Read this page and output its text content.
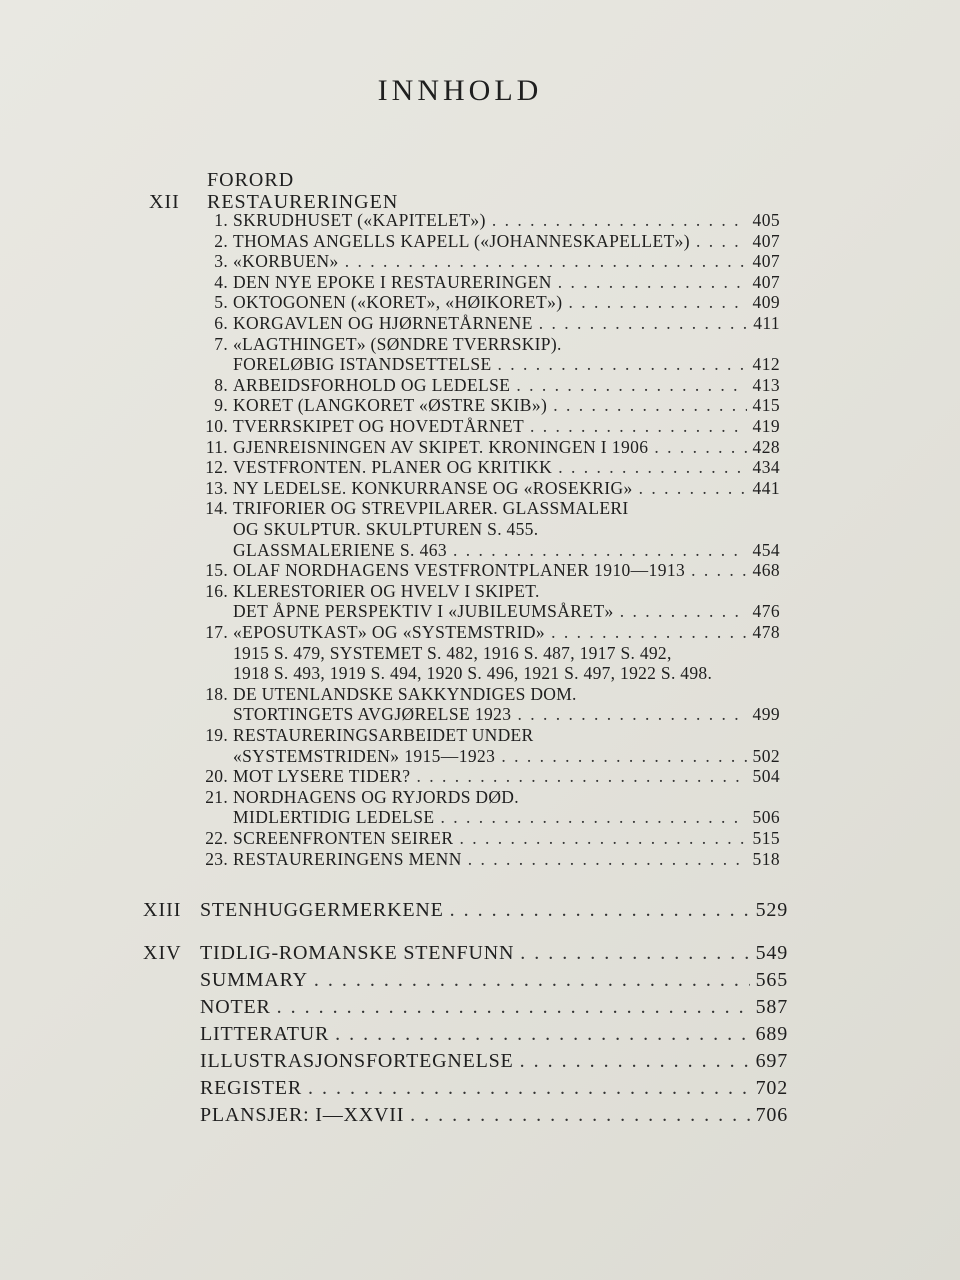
INNHOLD
FORORD
XII RESTAURERINGEN
1. SKRUDHUSET («KAPITELET») . . .	405
2. THOMAS ANGELLS KAPELL («JOHANNESKAPELLET») . . .	407
3. «KORBUEN» . . .	407
4. DEN NYE EPOKE I RESTAURERINGEN . . .	407
5. OKTOGONEN («KORET», «HØIKORET») . . .	409
6. KORGAVLEN OG HJØRNETÅRNENE . . .	411
7. «LAGTHINGET» (SØNDRE TVERRSKIP).
FORELØBIG ISTANDSETTELSE . . .	412
8. ARBEIDSFORHOLD OG LEDELSE . . .	413
9. KORET (LANGKORET «ØSTRE SKIB») . . .	415
10. TVERRSKIPET OG HOVEDTÅRNET . . .	419
11. GJENREISNINGEN AV SKIPET. KRONINGEN I 1906 . . .	428
12. VESTFRONTEN. PLANER OG KRITIKK . . .	434
13. NY LEDELSE. KONKURRANSE OG «ROSEKRIG» . . .	441
14. TRIFORIER OG STREVPILARER. GLASSMALERI
OG SKULPTUR. SKULPTUREN S. 455.
GLASSMALERIENE S. 463 . . .	454
15. OLAF NORDHAGENS VESTFRONTPLANER 1910—1913 . . .	468
16. KLERESTORIER OG HVELV I SKIPET.
DET ÅPNE PERSPEKTIV I «JUBILEUMSÅRET» . . .	476
17. «EPOSUTKAST» OG «SYSTEMSTRID» . . .	478
1915 S. 479, SYSTEMET S. 482, 1916 S. 487, 1917 S. 492,
1918 S. 493, 1919 S. 494, 1920 S. 496, 1921 S. 497, 1922 S. 498.
18. DE UTENLANDSKE SAKKYNDIGES DOM.
STORTINGETS AVGJØRELSE 1923 . . .	499
19. RESTAURERINGSARBEIDET UNDER
«SYSTEMSTRIDEN» 1915—1923 . . .	502
20. MOT LYSERE TIDER? . . .	504
21. NORDHAGENS OG RYJORDS DØD.
MIDLERTIDIG LEDELSE . . .	506
22. SCREENFRONTEN SEIRER . . .	515
23. RESTAURERINGENS MENN . . .	518
XIII STENHUGGERMERKENE . . .	529
XIV TIDLIG-ROMANSKE STENFUNN . . .	549
SUMMARY . . .	565
NOTER . . .	587
LITTERATUR . . .	689
ILLUSTRASJONSFORTEGNELSE . . .	697
REGISTER . . .	702
PLANSJER: I—XXVII . . .	706
